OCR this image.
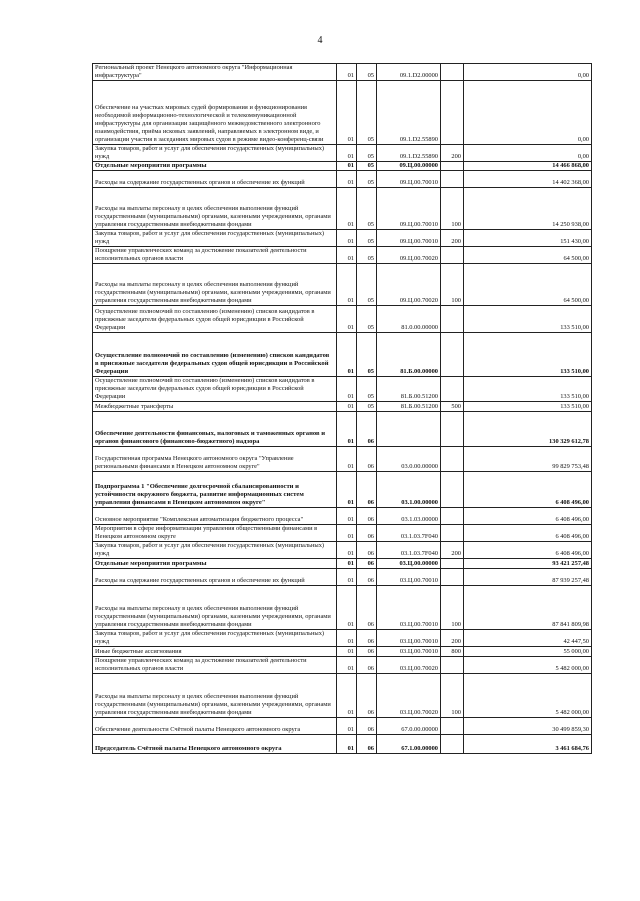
4
Региональный проект Ненецкого автономного округа "Информационная инфраструктура"	01	05	09.1.D2.00000		0,00
Обеспечение на участках мировых судей формирования и функционирования необходимой информационно-технологической и телекоммуникационной инфраструктуры для организации защищённого межведомственного электронного взаимодействия, приёма исковых заявлений, направляемых в электронном виде, и организации участия в заседаниях мировых судов в режиме видео-конференц-связи	01	05	09.1.D2.55890		0,00
Закупка товаров, работ и услуг для обеспечения государственных (муниципальных) нужд	01	05	09.1.D2.55890	200	0,00
Отдельные мероприятия программы	01	05	09.Ц.00.00000		14 466 868,00
Расходы на содержание государственных органов и обеспечение их функций	01	05	09.Ц.00.70010		14 402 368,00
Расходы на выплаты персоналу в целях обеспечения выполнения функций государственными (муниципальными) органами, казенными учреждениями, органами управления государственными внебюджетными фондами	01	05	09.Ц.00.70010	100	14 250 938,00
Закупка товаров, работ и услуг для обеспечения государственных (муниципальных) нужд	01	05	09.Ц.00.70010	200	151 430,00
Поощрение управленческих команд за достижение показателей деятельности исполнительных органов власти	01	05	09.Ц.00.70020		64 500,00
Расходы на выплаты персоналу в целях обеспечения выполнения функций государственными (муниципальными) органами, казенными учреждениями, органами управления государственными внебюджетными фондами	01	05	09.Ц.00.70020	100	64 500,00
Осуществление полномочий по составлению (изменению) списков кандидатов в присяжные заседатели федеральных судов общей юрисдикции в Российской Федерации	01	05	81.0.00.00000		133 510,00
Осуществление полномочий по составлению (изменению) списков кандидатов в присяжные заседатели федеральных судов общей юрисдикции в Российской Федерации	01	05	81.Б.00.00000		133 510,00
Осуществление полномочий по составлению (изменению) списков кандидатов в присяжные заседатели федеральных судов общей юрисдикции в Российской Федерации	01	05	81.Б.00.51200		133 510,00
Межбюджетные трансферты	01	05	81.Б.00.51200	500	133 510,00
Обеспечение деятельности финансовых, налоговых и таможенных органов и органов финансового (финансово-бюджетного) надзора	01	06			130 329 612,78
Государственная программа Ненецкого автономного округа "Управление региональными финансами в Ненецком автономном округе"	01	06	03.0.00.00000		99 829 753,48
Подпрограмма 1 "Обеспечение долгосрочной сбалансированности и устойчивости окружного бюджета, развитие информационных систем управления финансами в Ненецком автономном округе"	01	06	03.1.00.00000		6 408 496,00
Основное мероприятие "Комплексная автоматизация бюджетного процесса"	01	06	03.1.03.00000		6 408 496,00
Мероприятия в сфере информатизации управления общественными финансами в Ненецком автономном округе	01	06	03.1.03.7F040		6 408 496,00
Закупка товаров, работ и услуг для обеспечения государственных (муниципальных) нужд	01	06	03.1.03.7F040	200	6 408 496,00
Отдельные мероприятия программы	01	06	03.Ц.00.00000		93 421 257,48
Расходы на содержание государственных органов и обеспечение их функций	01	06	03.Ц.00.70010		87 939 257,48
Расходы на выплаты персоналу в целях обеспечения выполнения функций государственными (муниципальными) органами, казенными учреждениями, органами управления государственными внебюджетными фондами	01	06	03.Ц.00.70010	100	87 841 809,98
Закупка товаров, работ и услуг для обеспечения государственных (муниципальных) нужд	01	06	03.Ц.00.70010	200	42 447,50
Иные бюджетные ассигнования	01	06	03.Ц.00.70010	800	55 000,00
Поощрение управленческих команд за достижение показателей деятельности исполнительных органов власти	01	06	03.Ц.00.70020		5 482 000,00
Расходы на выплаты персоналу в целях обеспечения выполнения функций государственными (муниципальными) органами, казенными учреждениями, органами управления государственными внебюджетными фондами	01	06	03.Ц.00.70020	100	5 482 000,00
Обеспечение деятельности Счётной палаты Ненецкого автономного округа	01	06	67.0.00.00000		30 499 859,30
Председатель Счётной палаты Ненецкого автономного округа	01	06	67.1.00.00000		3 461 684,76
